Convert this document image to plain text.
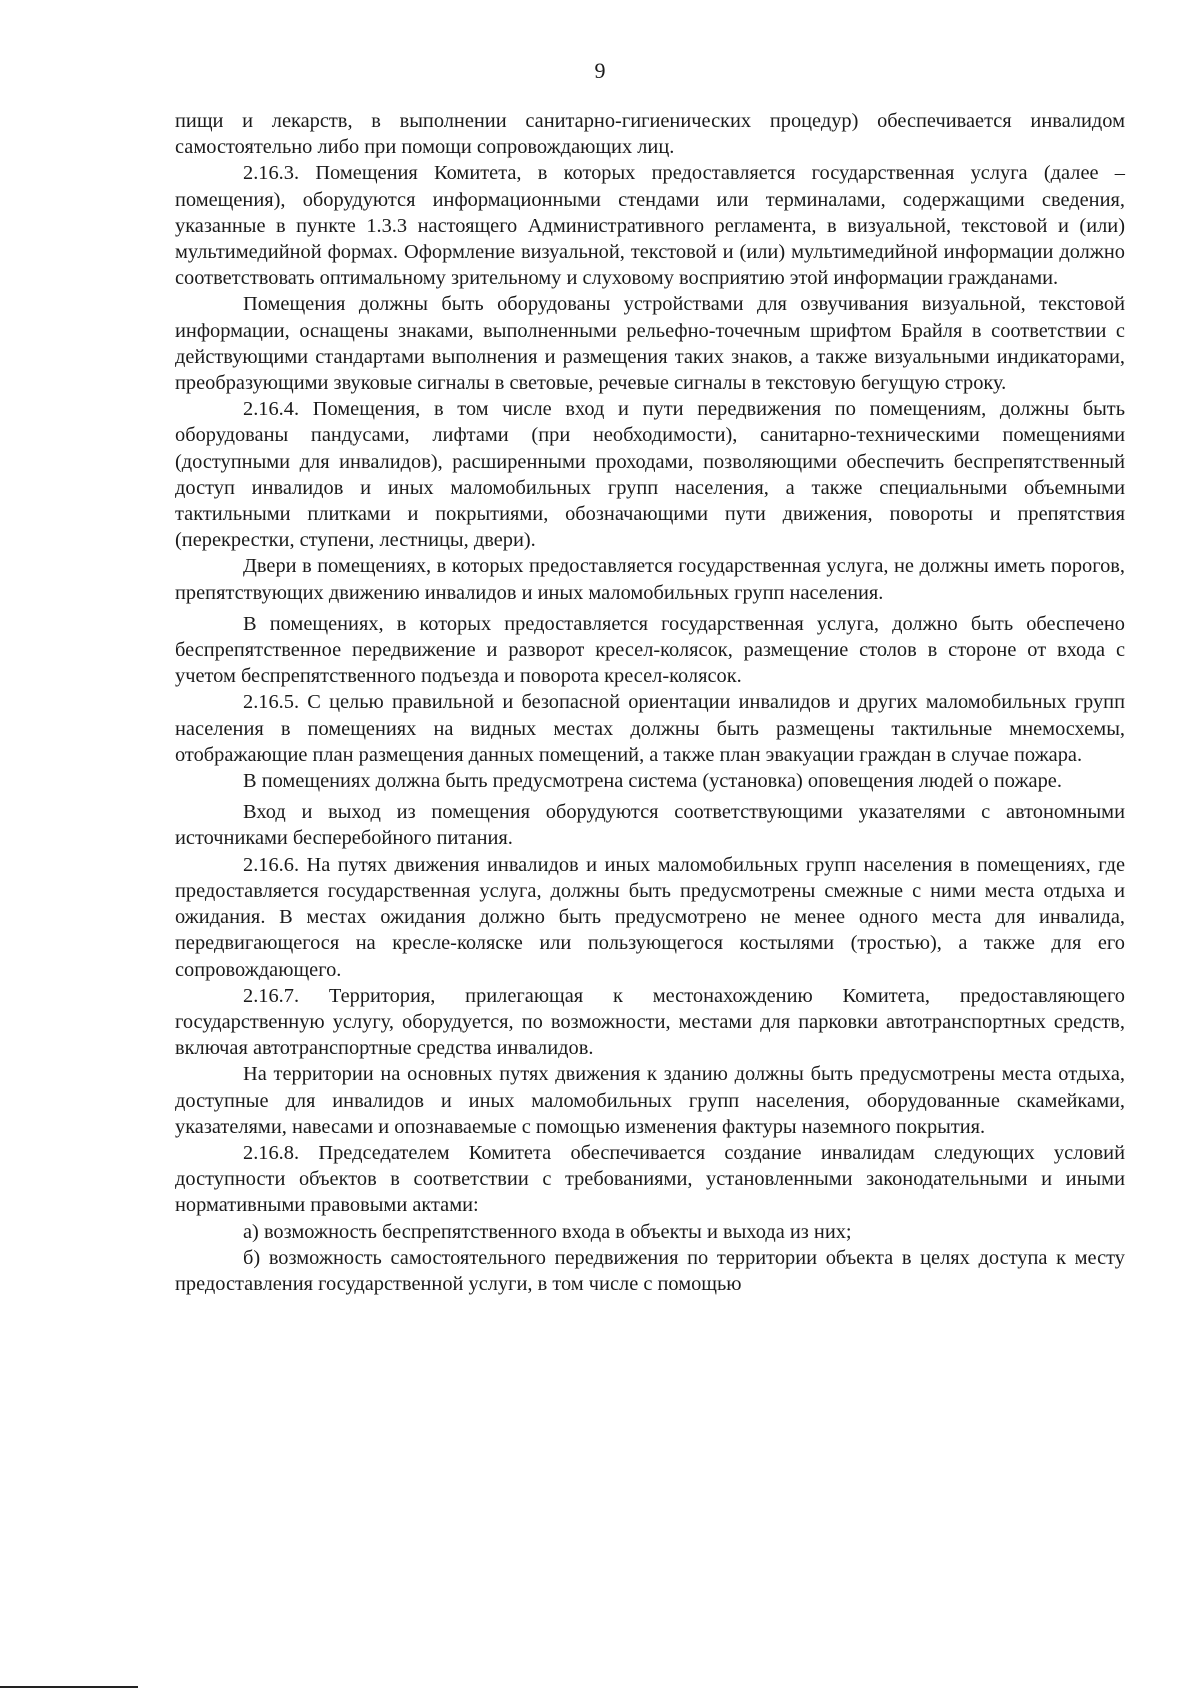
9

пищи и лекарств, в выполнении санитарно-гигиенических процедур) обеспечивается инвалидом самостоятельно либо при помощи сопровождающих лиц.

2.16.3. Помещения Комитета, в которых предоставляется государственная услуга (далее – помещения), оборудуются информационными стендами или терминалами, содержащими сведения, указанные в пункте 1.3.3 настоящего Административного регламента, в визуальной, текстовой и (или) мультимедийной формах. Оформление визуальной, текстовой и (или) мультимедийной информации должно соответствовать оптимальному зрительному и слуховому восприятию этой информации гражданами.

Помещения должны быть оборудованы устройствами для озвучивания визуальной, текстовой информации, оснащены знаками, выполненными рельефно-точечным шрифтом Брайля в соответствии с действующими стандартами выполнения и размещения таких знаков, а также визуальными индикаторами, преобразующими звуковые сигналы в световые, речевые сигналы в текстовую бегущую строку.

2.16.4. Помещения, в том числе вход и пути передвижения по помещениям, должны быть оборудованы пандусами, лифтами (при необходимости), санитарно-техническими помещениями (доступными для инвалидов), расширенными проходами, позволяющими обеспечить беспрепятственный доступ инвалидов и иных маломобильных групп населения, а также специальными объемными тактильными плитками и покрытиями, обозначающими пути движения, повороты и препятствия (перекрестки, ступени, лестницы, двери).

Двери в помещениях, в которых предоставляется государственная услуга, не должны иметь порогов, препятствующих движению инвалидов и иных маломобильных групп населения.

В помещениях, в которых предоставляется государственная услуга, должно быть обеспечено беспрепятственное передвижение и разворот кресел-колясок, размещение столов в стороне от входа с учетом беспрепятственного подъезда и поворота кресел-колясок.

2.16.5. С целью правильной и безопасной ориентации инвалидов и других маломобильных групп населения в помещениях на видных местах должны быть размещены тактильные мнемосхемы, отображающие план размещения данных помещений, а также план эвакуации граждан в случае пожара.

В помещениях должна быть предусмотрена система (установка) оповещения людей о пожаре.

Вход и выход из помещения оборудуются соответствующими указателями с автономными источниками бесперебойного питания.

2.16.6. На путях движения инвалидов и иных маломобильных групп населения в помещениях, где предоставляется государственная услуга, должны быть предусмотрены смежные с ними места отдыха и ожидания. В местах ожидания должно быть предусмотрено не менее одного места для инвалида, передвигающегося на кресле-коляске или пользующегося костылями (тростью), а также для его сопровождающего.

2.16.7. Территория, прилегающая к местонахождению Комитета, предоставляющего государственную услугу, оборудуется, по возможности, местами для парковки автотранспортных средств, включая автотранспортные средства инвалидов.

На территории на основных путях движения к зданию должны быть предусмотрены места отдыха, доступные для инвалидов и иных маломобильных групп населения, оборудованные скамейками, указателями, навесами и опознаваемые с помощью изменения фактуры наземного покрытия.

2.16.8. Председателем Комитета обеспечивается создание инвалидам следующих условий доступности объектов в соответствии с требованиями, установленными законодательными и иными нормативными правовыми актами:

а) возможность беспрепятственного входа в объекты и выхода из них;

б) возможность самостоятельного передвижения по территории объекта в целях доступа к месту предоставления государственной услуги, в том числе с помощью
